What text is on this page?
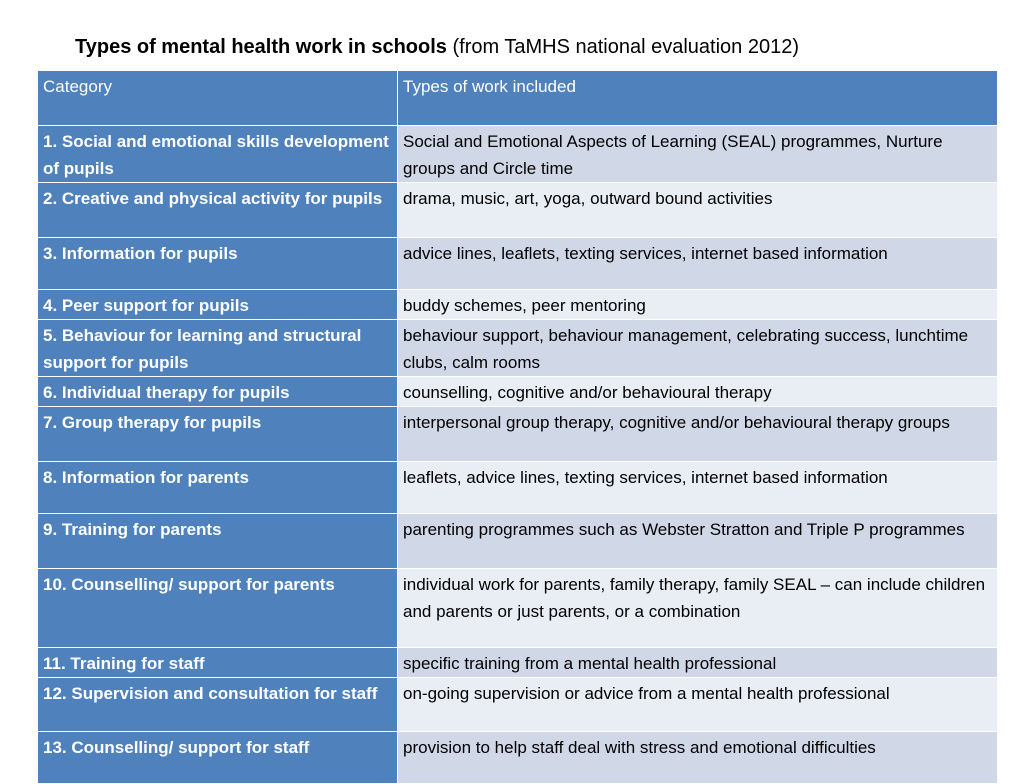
Types of mental health work in schools (from TaMHS national evaluation 2012)
Category	Types of work included
1. Social and emotional skills development of pupils	Social and Emotional Aspects of Learning (SEAL) programmes, Nurture groups and Circle time
2. Creative and physical activity for pupils	drama, music, art, yoga, outward bound activities
3. Information for pupils	advice lines, leaflets, texting services, internet based information
4. Peer support for pupils	buddy schemes, peer mentoring
5. Behaviour for learning and structural support for pupils	behaviour support, behaviour management, celebrating success, lunchtime clubs, calm rooms
6. Individual therapy for pupils	counselling, cognitive and/or behavioural therapy
7. Group therapy for pupils	interpersonal group therapy, cognitive and/or behavioural therapy groups
8. Information for parents	leaflets, advice lines, texting services, internet based information
9. Training for parents	parenting programmes such as Webster Stratton and Triple P programmes
10. Counselling/ support for parents	individual work for parents, family therapy, family SEAL – can include children and parents or just parents, or a combination
11. Training for staff	specific training from a mental health professional
12. Supervision and consultation for staff	on-going supervision or advice from a mental health professional
13. Counselling/ support for staff	provision to help staff deal with stress and emotional difficulties
